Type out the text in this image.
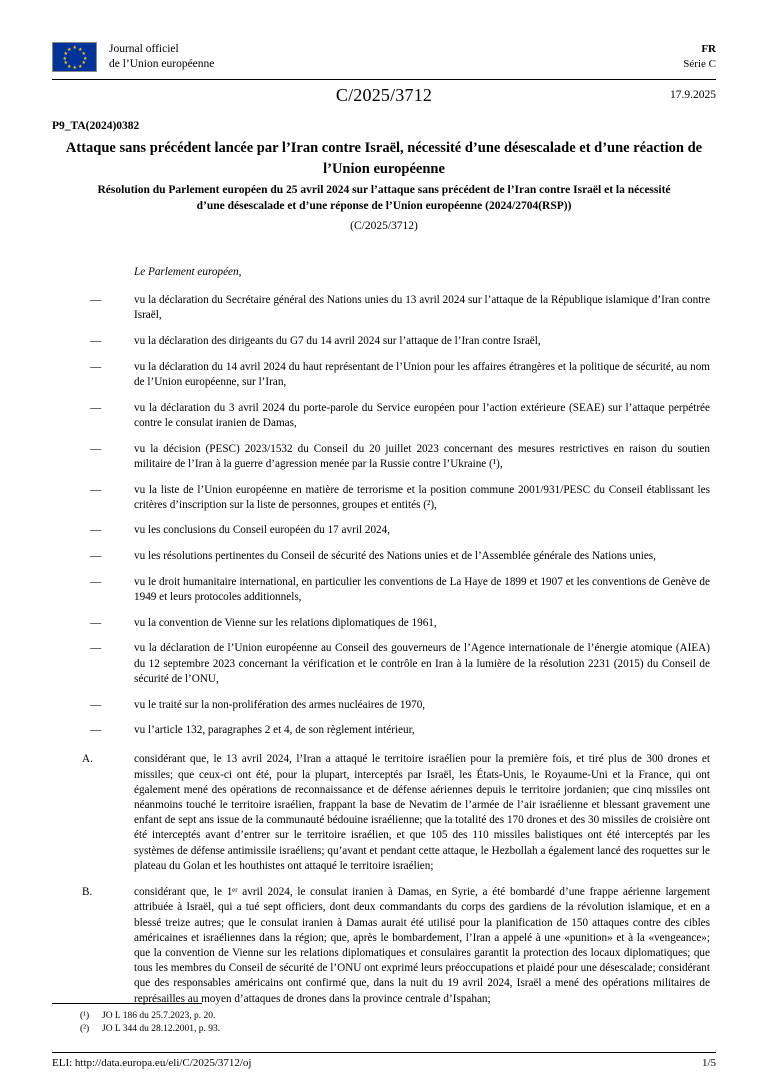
★ ★
★
★
★
★
★
★
★
★
★
★	Journal officiel
de l’Union européenne
FR
Série C
C/2025/3712	17.9.2025
P9_TA(2024)0382
Attaque sans précédent lancée par l’Iran contre Israël, nécessité d’une désescalade et d’une réaction de l’Union européenne
Résolution du Parlement européen du 25 avril 2024 sur l’attaque sans précédent de l’Iran contre Israël et la nécessité d’une désescalade et d’une réponse de l’Union européenne (2024/2704(RSP))
(C/2025/3712)
Le Parlement européen,
—	vu la déclaration du Secrétaire général des Nations unies du 13 avril 2024 sur l’attaque de la République islamique d’Iran contre Israël,
—	vu la déclaration des dirigeants du G7 du 14 avril 2024 sur l’attaque de l’Iran contre Israël,
—	vu la déclaration du 14 avril 2024 du haut représentant de l’Union pour les affaires étrangères et la politique de sécurité, au nom de l’Union européenne, sur l’Iran,
—	vu la déclaration du 3 avril 2024 du porte-parole du Service européen pour l’action extérieure (SEAE) sur l’attaque perpétrée contre le consulat iranien de Damas,
—	vu la décision (PESC) 2023/1532 du Conseil du 20 juillet 2023 concernant des mesures restrictives en raison du soutien militaire de l’Iran à la guerre d’agression menée par la Russie contre l’Ukraine (¹),
—	vu la liste de l’Union européenne en matière de terrorisme et la position commune 2001/931/PESC du Conseil établissant les critères d’inscription sur la liste de personnes, groupes et entités (²),
—	vu les conclusions du Conseil européen du 17 avril 2024,
—	vu les résolutions pertinentes du Conseil de sécurité des Nations unies et de l’Assemblée générale des Nations unies,
—	vu le droit humanitaire international, en particulier les conventions de La Haye de 1899 et 1907 et les conventions de Genève de 1949 et leurs protocoles additionnels,
—	vu la convention de Vienne sur les relations diplomatiques de 1961,
—	vu la déclaration de l’Union européenne au Conseil des gouverneurs de l’Agence internationale de l’énergie atomique (AIEA) du 12 septembre 2023 concernant la vérification et le contrôle en Iran à la lumière de la résolution 2231 (2015) du Conseil de sécurité de l’ONU,
—	vu le traité sur la non-prolifération des armes nucléaires de 1970,
—	vu l’article 132, paragraphes 2 et 4, de son règlement intérieur,
A.	considérant que, le 13 avril 2024, l’Iran a attaqué le territoire israélien pour la première fois, et tiré plus de 300 drones et missiles; que ceux-ci ont été, pour la plupart, interceptés par Israël, les États-Unis, le Royaume-Uni et la France, qui ont également mené des opérations de reconnaissance et de défense aériennes depuis le territoire jordanien; que cinq missiles ont néanmoins touché le territoire israélien, frappant la base de Nevatim de l’armée de l’air israélienne et blessant gravement une enfant de sept ans issue de la communauté bédouine israélienne; que la totalité des 170 drones et des 30 missiles de croisière ont été interceptés avant d’entrer sur le territoire israélien, et que 105 des 110 missiles balistiques ont été interceptés par les systèmes de défense antimissile israéliens; qu’avant et pendant cette attaque, le Hezbollah a également lancé des roquettes sur le plateau du Golan et les houthistes ont attaqué le territoire israélien;
B.	considérant que, le 1ᵉʳ avril 2024, le consulat iranien à Damas, en Syrie, a été bombardé d’une frappe aérienne largement attribuée à Israël, qui a tué sept officiers, dont deux commandants du corps des gardiens de la révolution islamique, et en a blessé treize autres; que le consulat iranien à Damas aurait été utilisé pour la planification de 150 attaques contre des cibles américaines et israéliennes dans la région; que, après le bombardement, l’Iran a appelé à une «punition» et à la «vengeance»; que la convention de Vienne sur les relations diplomatiques et consulaires garantit la protection des locaux diplomatiques; que tous les membres du Conseil de sécurité de l’ONU ont exprimé leurs préoccupations et plaidé pour une désescalade; considérant que des responsables américains ont confirmé que, dans la nuit du 19 avril 2024, Israël a mené des opérations militaires de représailles au moyen d’attaques de drones dans la province centrale d’Ispahan;
(¹)	JO L 186 du 25.7.2023, p. 20.
(²)	JO L 344 du 28.12.2001, p. 93.
ELI: http://data.europa.eu/eli/C/2025/3712/oj	1/5
